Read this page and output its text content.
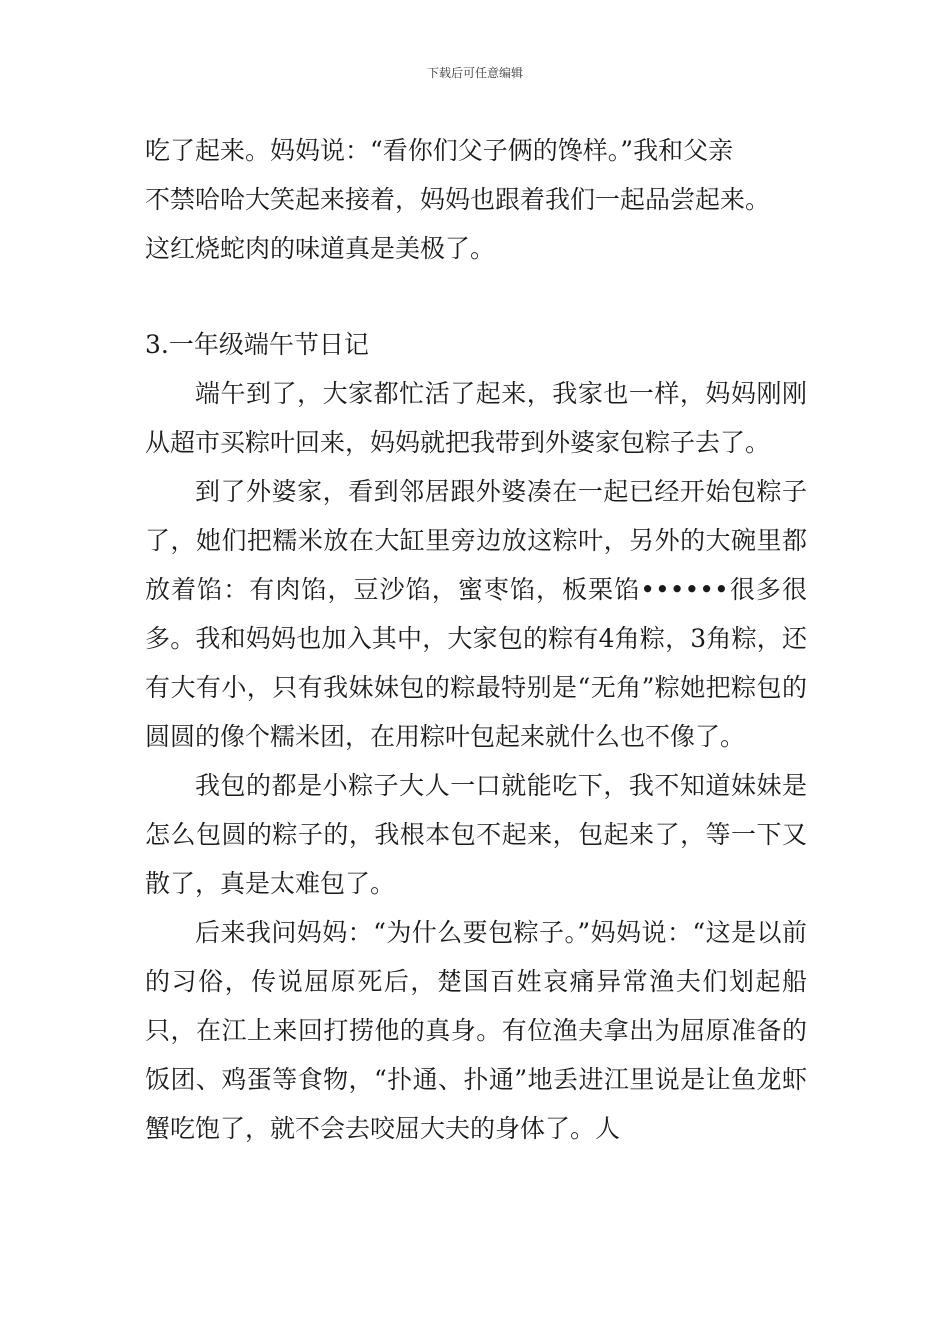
下载后可任意编辑
吃了起来。妈妈说：“看你们父子俩的馋样。”我和父亲
不禁哈哈大笑起来接着，妈妈也跟着我们一起品尝起来。
这红烧蛇肉的味道真是美极了。
3.一年级端午节日记

端午到了，大家都忙活了起来，我家也一样，妈妈刚刚从超市买粽叶回来，妈妈就把我带到外婆家包粽子去了。

到了外婆家，看到邻居跟外婆凑在一起已经开始包粽子了，她们把糯米放在大缸里旁边放这粽叶，另外的大碗里都放着馅：有肉馅，豆沙馅，蜜枣馅，板栗馅••••••很多很多。我和妈妈也加入其中，大家包的粽有4角粽，3角粽，还有大有小，只有我妹妹包的粽最特别是“无角”粽她把粽包的圆圆的像个糯米团，在用粽叶包起来就什么也不像了。

我包的都是小粽子大人一口就能吃下，我不知道妹妹是怎么包圆的粽子的，我根本包不起来，包起来了，等一下又散了，真是太难包了。

后来我问妈妈：“为什么要包粽子。”妈妈说：“这是以前的习俗，传说屈原死后，楚国百姓哀痛异常渔夫们划起船只，在江上来回打捞他的真身。有位渔夫拿出为屈原准备的饭团、鸡蛋等食物，“扑通、扑通”地丢进江里说是让鱼龙虾蟹吃饱了，就不会去咬屈大夫的身体了。人
